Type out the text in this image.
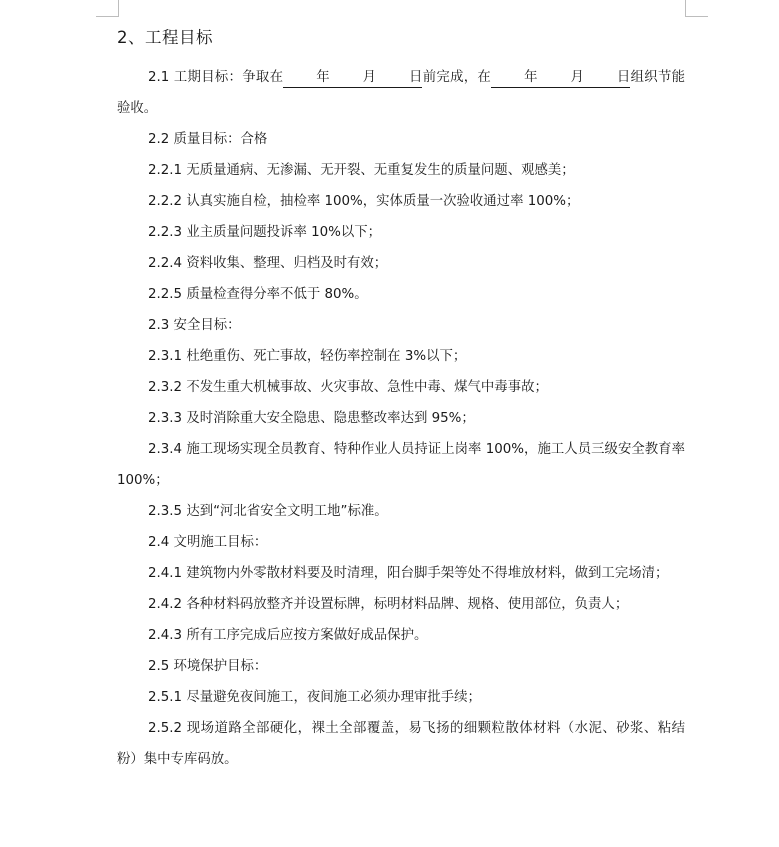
2、工程目标

2.1 工期目标：争取在 年 月 日前完成，在 年 月 日组织节能验收。

2.2 质量目标：合格

2.2.1 无质量通病、无渗漏、无开裂、无重复发生的质量问题、观感美；

2.2.2 认真实施自检，抽检率 100%，实体质量一次验收通过率 100%；

2.2.3 业主质量问题投诉率 10%以下；

2.2.4 资料收集、整理、归档及时有效；

2.2.5 质量检查得分率不低于 80%。

2.3 安全目标：

2.3.1 杜绝重伤、死亡事故，轻伤率控制在 3%以下；

2.3.2 不发生重大机械事故、火灾事故、急性中毒、煤气中毒事故；

2.3.3 及时消除重大安全隐患、隐患整改率达到 95%；

2.3.4 施工现场实现全员教育、特种作业人员持证上岗率 100%，施工人员三级安全教育率 100%；

2.3.5 达到“河北省安全文明工地”标准。

2.4 文明施工目标：

2.4.1 建筑物内外零散材料要及时清理，阳台脚手架等处不得堆放材料，做到工完场清；

2.4.2 各种材料码放整齐并设置标牌，标明材料品牌、规格、使用部位，负责人；

2.4.3 所有工序完成后应按方案做好成品保护。

2.5 环境保护目标：

2.5.1 尽量避免夜间施工，夜间施工必须办理审批手续；

2.5.2 现场道路全部硬化，裸土全部覆盖，易飞扬的细颗粒散体材料（水泥、砂浆、粘结粉）集中专库码放。
